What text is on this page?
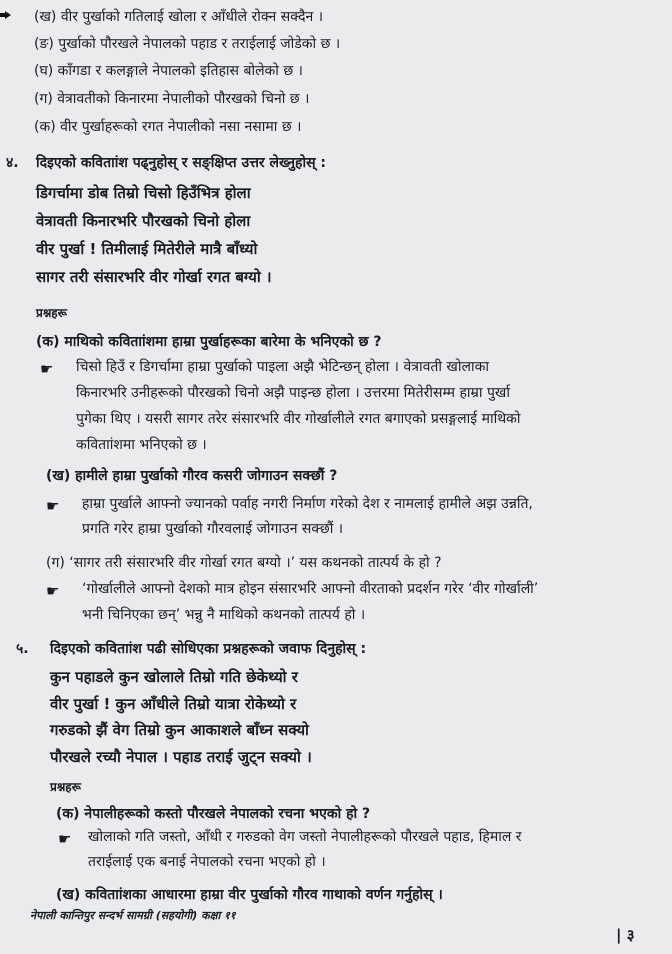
(ख) वीर पुर्खाको गतिलाई खोला र आँधीले रोक्न सक्दैन ।
(ङ) पुर्खाको पौरखले नेपालको पहाड र तराईलाई जोडेको छ ।
(घ) काँगडा र कलङ्गाले नेपालको इतिहास बोलेको छ ।
(ग) वेत्रावतीको किनारमा नेपालीको पौरखको चिनो छ ।
(क) वीर पुर्खाहरूको रगत नेपालीको नसा नसामा छ ।
४. दिइएको कविताांश पढ्नुहोस् र सङ्क्षिप्त उत्तर लेख्नुहोस् :
डिगर्चामा डोब तिम्रो चिसो हिउँभित्र होला
वेत्रावती किनारभरि पौरखको चिनो होला
वीर पुर्खा ! तिमीलाई मितेरीले मात्रै बाँध्यो
सागर तरी संसारभरि वीर गोर्खा रगत बग्यो ।
प्रश्नहरू
(क) माथिको कविताांशमा हाम्रा पुर्खाहरूका बारेमा के भनिएको छ ?
☛ चिसो हिउँ र डिगर्चामा हाम्रा पुर्खाको पाइला अझै भेटिन्छन् होला । वेत्रावती खोलाका
किनारभरि उनीहरूको पौरखको चिनो अझै पाइन्छ होला । उत्तरमा मितेरीसम्म हाम्रा पुर्खा
पुगेका थिए । यसरी सागर तरेर संसारभरि वीर गोर्खालीले रगत बगाएको प्रसङ्गलाई माथिको
कविताांशमा भनिएको छ ।
(ख) हामीले हाम्रा पुर्खाको गौरव कसरी जोगाउन सक्छौं ?
☛ हाम्रा पुर्खाले आफ्नो ज्यानको पर्वाह नगरी निर्माण गरेको देश र नामलाई हामीले अझ उन्नति,
प्रगति गरेर हाम्रा पुर्खाको गौरवलाई जोगाउन सक्छौं ।
(ग) ‘सागर तरी संसारभरि वीर गोर्खा रगत बग्यो ।’ यस कथनको तात्पर्य के हो ?
☛ ‘गोर्खालीले आफ्नो देशको मात्र होइन संसारभरि आफ्नो वीरताको प्रदर्शन गरेर ‘वीर गोर्खाली’
भनी चिनिएका छन्’ भन्नु नै माथिको कथनको तात्पर्य हो ।
५. दिइएको कविताांश पढी सोधिएका प्रश्नहरूको जवाफ दिनुहोस् :
कुन पहाडले कुन खोलाले तिम्रो गति छेकेथ्यो र
वीर पुर्खा ! कुन आँधीले तिम्रो यात्रा रोकेथ्यो र
गरुडको झैं वेग तिम्रो कुन आकाशले बाँध्न सक्यो
पौरखले रच्यौ नेपाल । पहाड तराई जुट्न सक्यो ।
प्रश्नहरू
(क) नेपालीहरूको कस्तो पौरखले नेपालको रचना भएको हो ?
☛ खोलाको गति जस्तो, आँधी र गरुडको वेग जस्तो नेपालीहरूको पौरखले पहाड, हिमाल र
तराईलाई एक बनाई नेपालको रचना भएको हो ।
(ख) कविताांशका आधारमा हाम्रा वीर पुर्खाको गौरव गाथाको वर्णन गर्नुहोस् ।
नेपाली कान्तिपुर सन्दर्भ सामग्री (सहयोगी) कक्षा ११
| ३
